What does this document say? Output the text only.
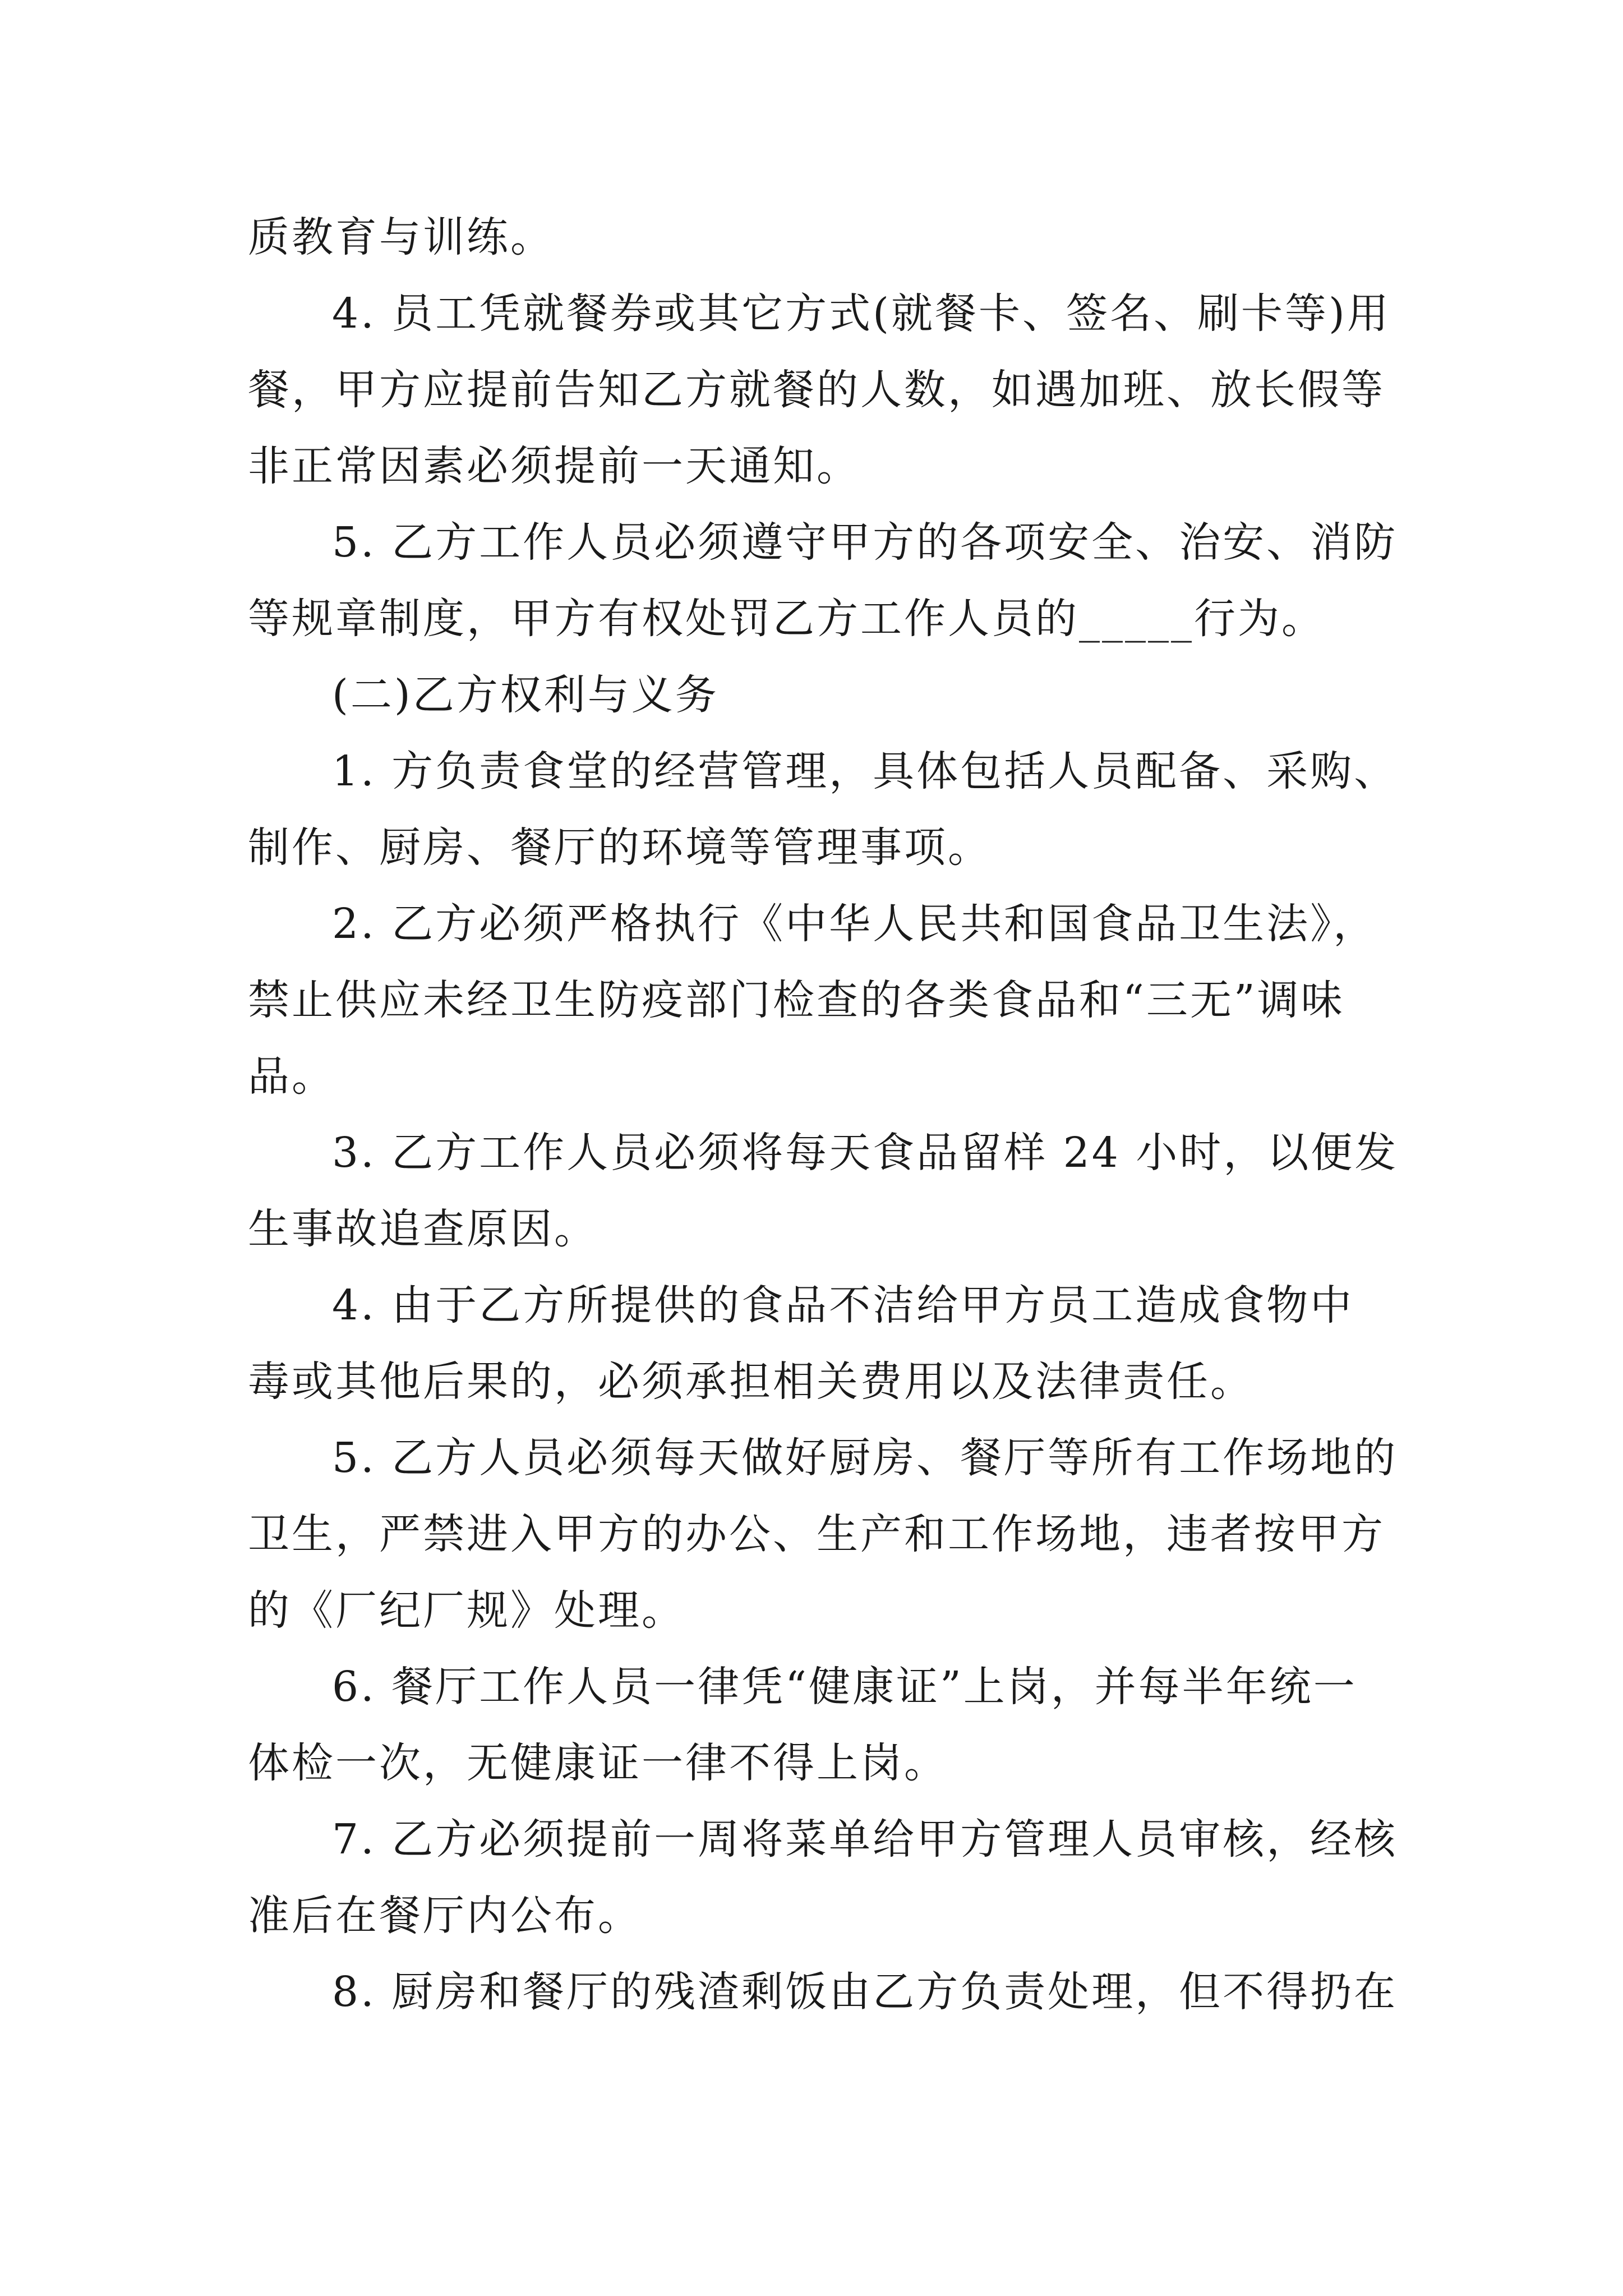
质教育与训练。
4. 员工凭就餐券或其它方式(就餐卡、签名、刷卡等)用
餐，甲方应提前告知乙方就餐的人数，如遇加班、放长假等
非正常因素必须提前一天通知。
5. 乙方工作人员必须遵守甲方的各项安全、治安、消防
等规章制度，甲方有权处罚乙方工作人员的_____行为。
(二)乙方权利与义务
1. 方负责食堂的经营管理，具体包括人员配备、采购、
制作、厨房、餐厅的环境等管理事项。
2. 乙方必须严格执行《中华人民共和国食品卫生法》，
禁止供应未经卫生防疫部门检查的各类食品和“三无”调味
品。
3. 乙方工作人员必须将每天食品留样 24 小时，以便发
生事故追查原因。
4. 由于乙方所提供的食品不洁给甲方员工造成食物中
毒或其他后果的，必须承担相关费用以及法律责任。
5. 乙方人员必须每天做好厨房、餐厅等所有工作场地的
卫生，严禁进入甲方的办公、生产和工作场地，违者按甲方
的《厂纪厂规》处理。
6. 餐厅工作人员一律凭“健康证”上岗，并每半年统一
体检一次，无健康证一律不得上岗。
7. 乙方必须提前一周将菜单给甲方管理人员审核，经核
准后在餐厅内公布。
8. 厨房和餐厅的残渣剩饭由乙方负责处理，但不得扔在
